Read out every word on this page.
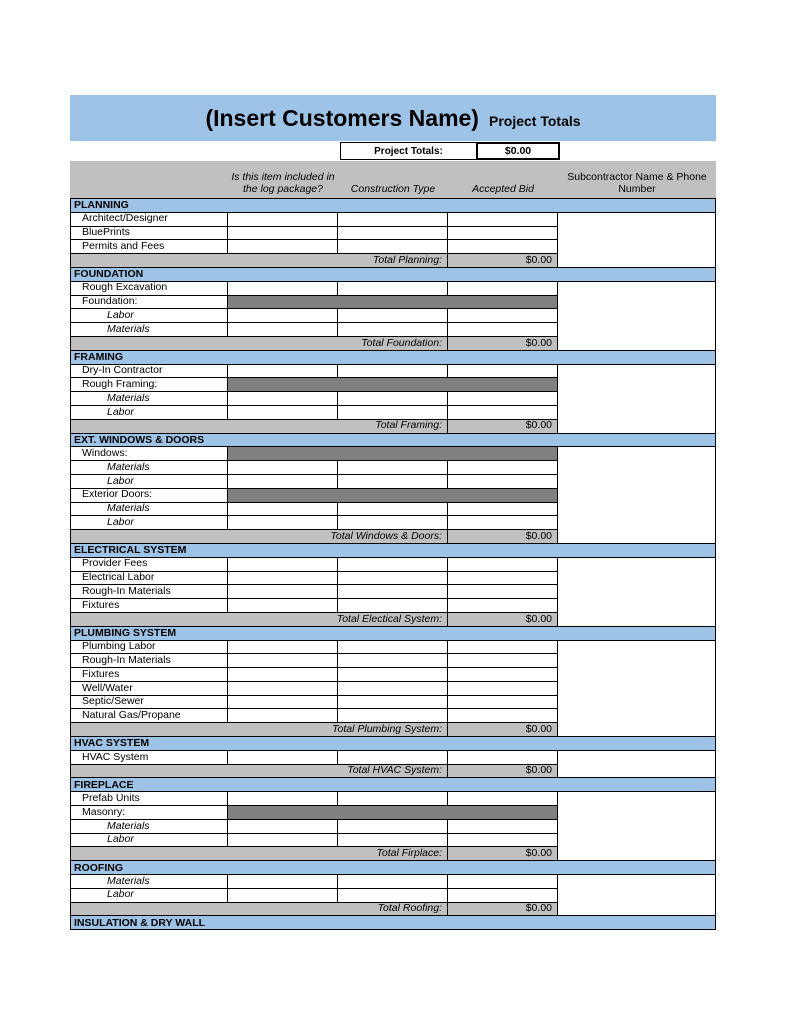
(Insert Customers Name) Project Totals
Project Totals:	$0.00
Is this item included in the log package?	Construction Type	Accepted Bid
Subcontractor Name & Phone Number
PLANNING
Architect/Designer
BluePrints
Permits and Fees
Total Planning:	$0.00
FOUNDATION
Rough Excavation
Foundation:
Labor
Materials
Total Foundation:	$0.00
FRAMING
Dry-In Contractor
Rough Framing:
Materials
Labor
Total Framing:	$0.00
EXT. WINDOWS & DOORS
Windows:
Materials
Labor
Exterior Doors:
Materials
Labor
Total Windows & Doors:	$0.00
ELECTRICAL SYSTEM
Provider Fees
Electrical Labor
Rough-In Materials
Fixtures
Total Electical System:	$0.00
PLUMBING SYSTEM
Plumbing Labor
Rough-In Materials
Fixtures
Well/Water
Septic/Sewer
Natural Gas/Propane
Total Plumbing System:	$0.00
HVAC SYSTEM
HVAC System
Total HVAC System:	$0.00
FIREPLACE
Prefab Units
Masonry:
Materials
Labor
Total Firplace:	$0.00
ROOFING
Materials
Labor
Total Roofing:	$0.00
INSULATION & DRY WALL
